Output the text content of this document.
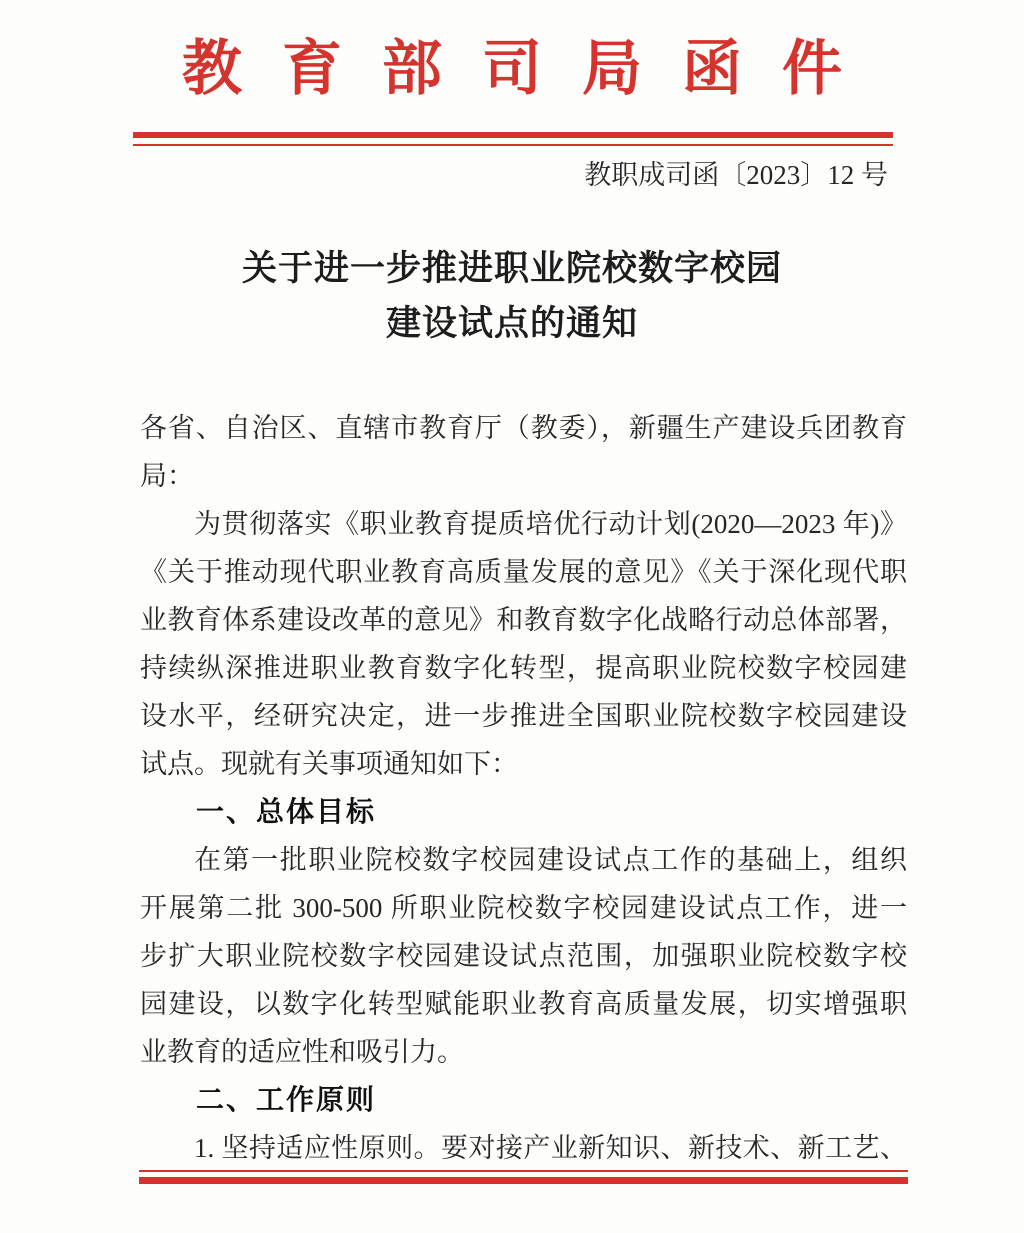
教育部司局函件
教职成司函〔2023〕12 号
关于进一步推进职业院校数字校园
建设试点的通知
各省、自治区、直辖市教育厅（教委），新疆生产建设兵团教育
局：
为贯彻落实《职业教育提质培优行动计划(2020—2023 年)》
《关于推动现代职业教育高质量发展的意见》《关于深化现代职
业教育体系建设改革的意见》和教育数字化战略行动总体部署，
持续纵深推进职业教育数字化转型，提高职业院校数字校园建
设水平，经研究决定，进一步推进全国职业院校数字校园建设
试点。现就有关事项通知如下：
一、总体目标
在第一批职业院校数字校园建设试点工作的基础上，组织
开展第二批 300-500 所职业院校数字校园建设试点工作，进一
步扩大职业院校数字校园建设试点范围，加强职业院校数字校
园建设，以数字化转型赋能职业教育高质量发展，切实增强职
业教育的适应性和吸引力。
二、工作原则
1. 坚持适应性原则。要对接产业新知识、新技术、新工艺、
